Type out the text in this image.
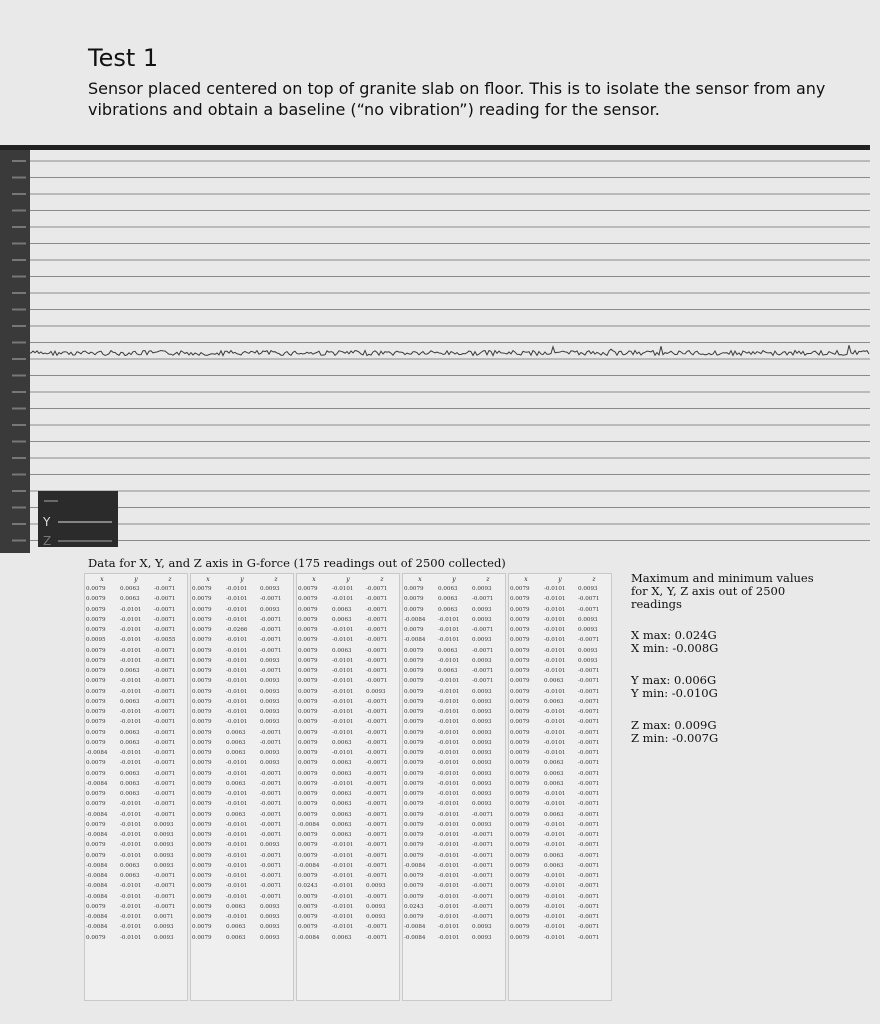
Test 1
Sensor placed centered on top of granite slab on floor. This is to isolate the sensor from any vibrations and obtain a baseline (“no vibration”) reading for the sensor.
Y
Z
Data for X, Y, and Z axis in G-force (175 readings out of 2500 collected)
x	y	z
0.0079	0.0063	-0.0071
0.0079	0.0063	-0.0071
0.0079	-0.0101	-0.0071
0.0079	-0.0101	-0.0071
0.0079	-0.0101	-0.0071
0.0095	-0.0101	-0.0055
0.0079	-0.0101	-0.0071
0.0079	-0.0101	-0.0071
0.0079	0.0063	-0.0071
0.0079	-0.0101	-0.0071
0.0079	-0.0101	-0.0071
0.0079	0.0063	-0.0071
0.0079	-0.0101	-0.0071
0.0079	-0.0101	-0.0071
0.0079	0.0063	-0.0071
0.0079	0.0063	-0.0071
-0.0084	-0.0101	-0.0071
0.0079	-0.0101	-0.0071
0.0079	0.0063	-0.0071
-0.0084	0.0063	-0.0071
0.0079	0.0063	-0.0071
0.0079	-0.0101	-0.0071
-0.0084	-0.0101	-0.0071
0.0079	-0.0101	0.0093
-0.0084	-0.0101	0.0093
0.0079	-0.0101	0.0093
0.0079	-0.0101	0.0093
-0.0084	0.0063	0.0093
-0.0084	0.0063	-0.0071
-0.0084	-0.0101	-0.0071
-0.0084	-0.0101	-0.0071
0.0079	-0.0101	-0.0071
-0.0084	-0.0101	0.0071
-0.0084	-0.0101	0.0093
0.0079	-0.0101	0.0093
x	y	z
0.0079	-0.0101	0.0093
0.0079	-0.0101	-0.0071
0.0079	-0.0101	0.0093
0.0079	-0.0101	-0.0071
0.0079	-0.0266	-0.0071
0.0079	-0.0101	-0.0071
0.0079	-0.0101	-0.0071
0.0079	-0.0101	0.0093
0.0079	-0.0101	-0.0071
0.0079	-0.0101	0.0093
0.0079	-0.0101	0.0093
0.0079	-0.0101	0.0093
0.0079	-0.0101	0.0093
0.0079	-0.0101	0.0093
0.0079	0.0063	-0.0071
0.0079	0.0063	-0.0071
0.0079	0.0063	0.0093
0.0079	-0.0101	0.0093
0.0079	-0.0101	-0.0071
0.0079	0.0063	-0.0071
0.0079	-0.0101	-0.0071
0.0079	-0.0101	-0.0071
0.0079	0.0063	-0.0071
0.0079	-0.0101	-0.0071
0.0079	-0.0101	-0.0071
0.0079	-0.0101	0.0093
0.0079	-0.0101	-0.0071
0.0079	-0.0101	-0.0071
0.0079	-0.0101	-0.0071
0.0079	-0.0101	-0.0071
0.0079	-0.0101	-0.0071
0.0079	0.0063	0.0093
0.0079	-0.0101	0.0093
0.0079	0.0063	0.0093
0.0079	0.0063	0.0093
x	y	z
0.0079	-0.0101	-0.0071
0.0079	-0.0101	-0.0071
0.0079	0.0063	-0.0071
0.0079	0.0063	-0.0071
0.0079	-0.0101	-0.0071
0.0079	-0.0101	-0.0071
0.0079	0.0063	-0.0071
0.0079	-0.0101	-0.0071
0.0079	-0.0101	-0.0071
0.0079	-0.0101	-0.0071
0.0079	-0.0101	0.0093
0.0079	-0.0101	-0.0071
0.0079	-0.0101	-0.0071
0.0079	-0.0101	-0.0071
0.0079	-0.0101	-0.0071
0.0079	0.0063	-0.0071
0.0079	-0.0101	-0.0071
0.0079	0.0063	-0.0071
0.0079	0.0063	-0.0071
0.0079	-0.0101	-0.0071
0.0079	0.0063	-0.0071
0.0079	0.0063	-0.0071
0.0079	0.0063	-0.0071
-0.0084	0.0063	-0.0071
0.0079	0.0063	-0.0071
0.0079	-0.0101	-0.0071
0.0079	-0.0101	-0.0071
-0.0084	-0.0101	-0.0071
0.0079	-0.0101	-0.0071
0.0243	-0.0101	0.0093
0.0079	-0.0101	-0.0071
0.0079	-0.0101	0.0093
0.0079	-0.0101	0.0093
0.0079	-0.0101	-0.0071
-0.0084	0.0063	-0.0071
x	y	z
0.0079	0.0063	0.0093
0.0079	0.0063	-0.0071
0.0079	0.0063	0.0093
-0.0084	-0.0101	0.0093
0.0079	-0.0101	-0.0071
-0.0084	-0.0101	0.0093
0.0079	0.0063	-0.0071
0.0079	-0.0101	0.0093
0.0079	0.0063	-0.0071
0.0079	-0.0101	-0.0071
0.0079	-0.0101	0.0093
0.0079	-0.0101	0.0093
0.0079	-0.0101	0.0093
0.0079	-0.0101	0.0093
0.0079	-0.0101	0.0093
0.0079	-0.0101	0.0093
0.0079	-0.0101	0.0093
0.0079	-0.0101	0.0093
0.0079	-0.0101	0.0093
0.0079	-0.0101	0.0093
0.0079	-0.0101	0.0093
0.0079	-0.0101	0.0093
0.0079	-0.0101	-0.0071
0.0079	-0.0101	0.0093
0.0079	-0.0101	-0.0071
0.0079	-0.0101	-0.0071
0.0079	-0.0101	-0.0071
-0.0084	-0.0101	-0.0071
0.0079	-0.0101	-0.0071
0.0079	-0.0101	-0.0071
0.0079	-0.0101	-0.0071
0.0243	-0.0101	-0.0071
0.0079	-0.0101	-0.0071
-0.0084	-0.0101	0.0093
-0.0084	-0.0101	0.0093
x	y	z
0.0079	-0.0101	0.0093
0.0079	-0.0101	-0.0071
0.0079	-0.0101	-0.0071
0.0079	-0.0101	0.0093
0.0079	-0.0101	0.0093
0.0079	-0.0101	-0.0071
0.0079	-0.0101	0.0093
0.0079	-0.0101	0.0093
0.0079	-0.0101	-0.0071
0.0079	0.0063	-0.0071
0.0079	-0.0101	-0.0071
0.0079	0.0063	-0.0071
0.0079	-0.0101	-0.0071
0.0079	-0.0101	-0.0071
0.0079	-0.0101	-0.0071
0.0079	-0.0101	-0.0071
0.0079	-0.0101	-0.0071
0.0079	0.0063	-0.0071
0.0079	0.0063	-0.0071
0.0079	0.0063	-0.0071
0.0079	-0.0101	-0.0071
0.0079	-0.0101	-0.0071
0.0079	0.0063	-0.0071
0.0079	-0.0101	-0.0071
0.0079	-0.0101	-0.0071
0.0079	-0.0101	-0.0071
0.0079	0.0063	-0.0071
0.0079	0.0063	-0.0071
0.0079	-0.0101	-0.0071
0.0079	-0.0101	-0.0071
0.0079	-0.0101	-0.0071
0.0079	-0.0101	-0.0071
0.0079	-0.0101	-0.0071
0.0079	-0.0101	-0.0071
0.0079	-0.0101	-0.0071
Maximum and minimum values for X, Y, Z axis out of 2500 readings
X max: 0.024G
X min: -0.008G
Y max: 0.006G
Y min: -0.010G
Z max: 0.009G
Z min: -0.007G
